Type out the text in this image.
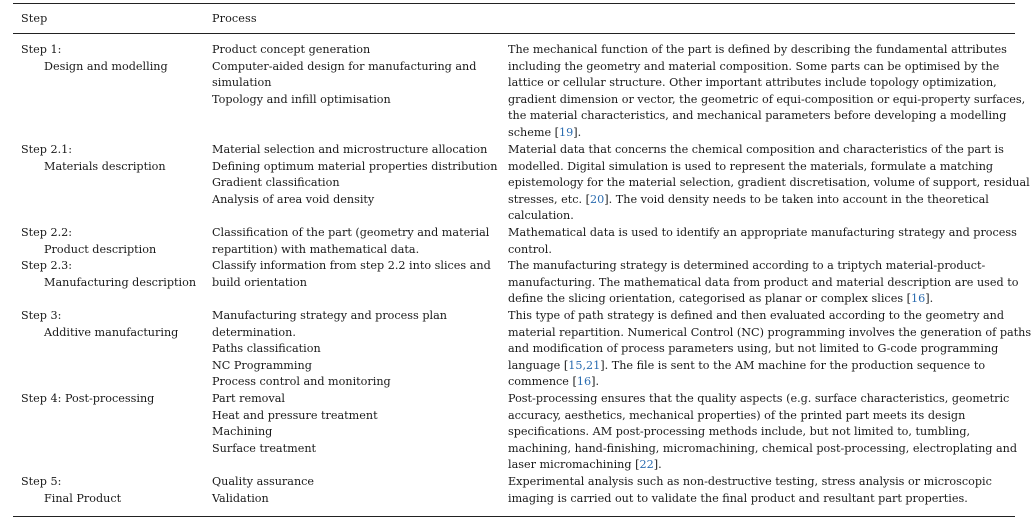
Step	Process
Step 1:
Design and modelling
Product concept generation
Computer-aided design for manufacturing and
simulation
Topology and infill optimisation
The mechanical function of the part is defined by describing the fundamental attributes
including the geometry and material composition. Some parts can be optimised by the
lattice or cellular structure. Other important attributes include topology optimization,
gradient dimension or vector, the geometric of equi-composition or equi-property surfaces,
the material characteristics, and mechanical parameters before developing a modelling
scheme [19].
Step 2.1:
Materials description
Material selection and microstructure allocation
Defining optimum material properties distribution
Gradient classification
Analysis of area void density
Material data that concerns the chemical composition and characteristics of the part is
modelled. Digital simulation is used to represent the materials, formulate a matching
epistemology for the material selection, gradient discretisation, volume of support, residual
stresses, etc. [20]. The void density needs to be taken into account in the theoretical
calculation.
Step 2.2:
Product description
Classification of the part (geometry and material
repartition) with mathematical data.
Mathematical data is used to identify an appropriate manufacturing strategy and process
control.
Step 2.3:
Manufacturing description
Classify information from step 2.2 into slices and
build orientation
The manufacturing strategy is determined according to a triptych material-product-
manufacturing. The mathematical data from product and material description are used to
define the slicing orientation, categorised as planar or complex slices [16].
Step 3:
Additive manufacturing
Manufacturing strategy and process plan
determination.
Paths classification
NC Programming
Process control and monitoring
This type of path strategy is defined and then evaluated according to the geometry and
material repartition. Numerical Control (NC) programming involves the generation of paths
and modification of process parameters using, but not limited to G-code programming
language [15,21]. The file is sent to the AM machine for the production sequence to
commence [16].
Step 4: Post-processing	Part removal
Heat and pressure treatment
Machining
Surface treatment
Post-processing ensures that the quality aspects (e.g. surface characteristics, geometric
accuracy, aesthetics, mechanical properties) of the printed part meets its design
specifications. AM post-processing methods include, but not limited to, tumbling,
machining, hand-finishing, micromachining, chemical post-processing, electroplating and
laser micromachining [22].
Step 5:
Final Product
Quality assurance
Validation
Experimental analysis such as non-destructive testing, stress analysis or microscopic
imaging is carried out to validate the final product and resultant part properties.
